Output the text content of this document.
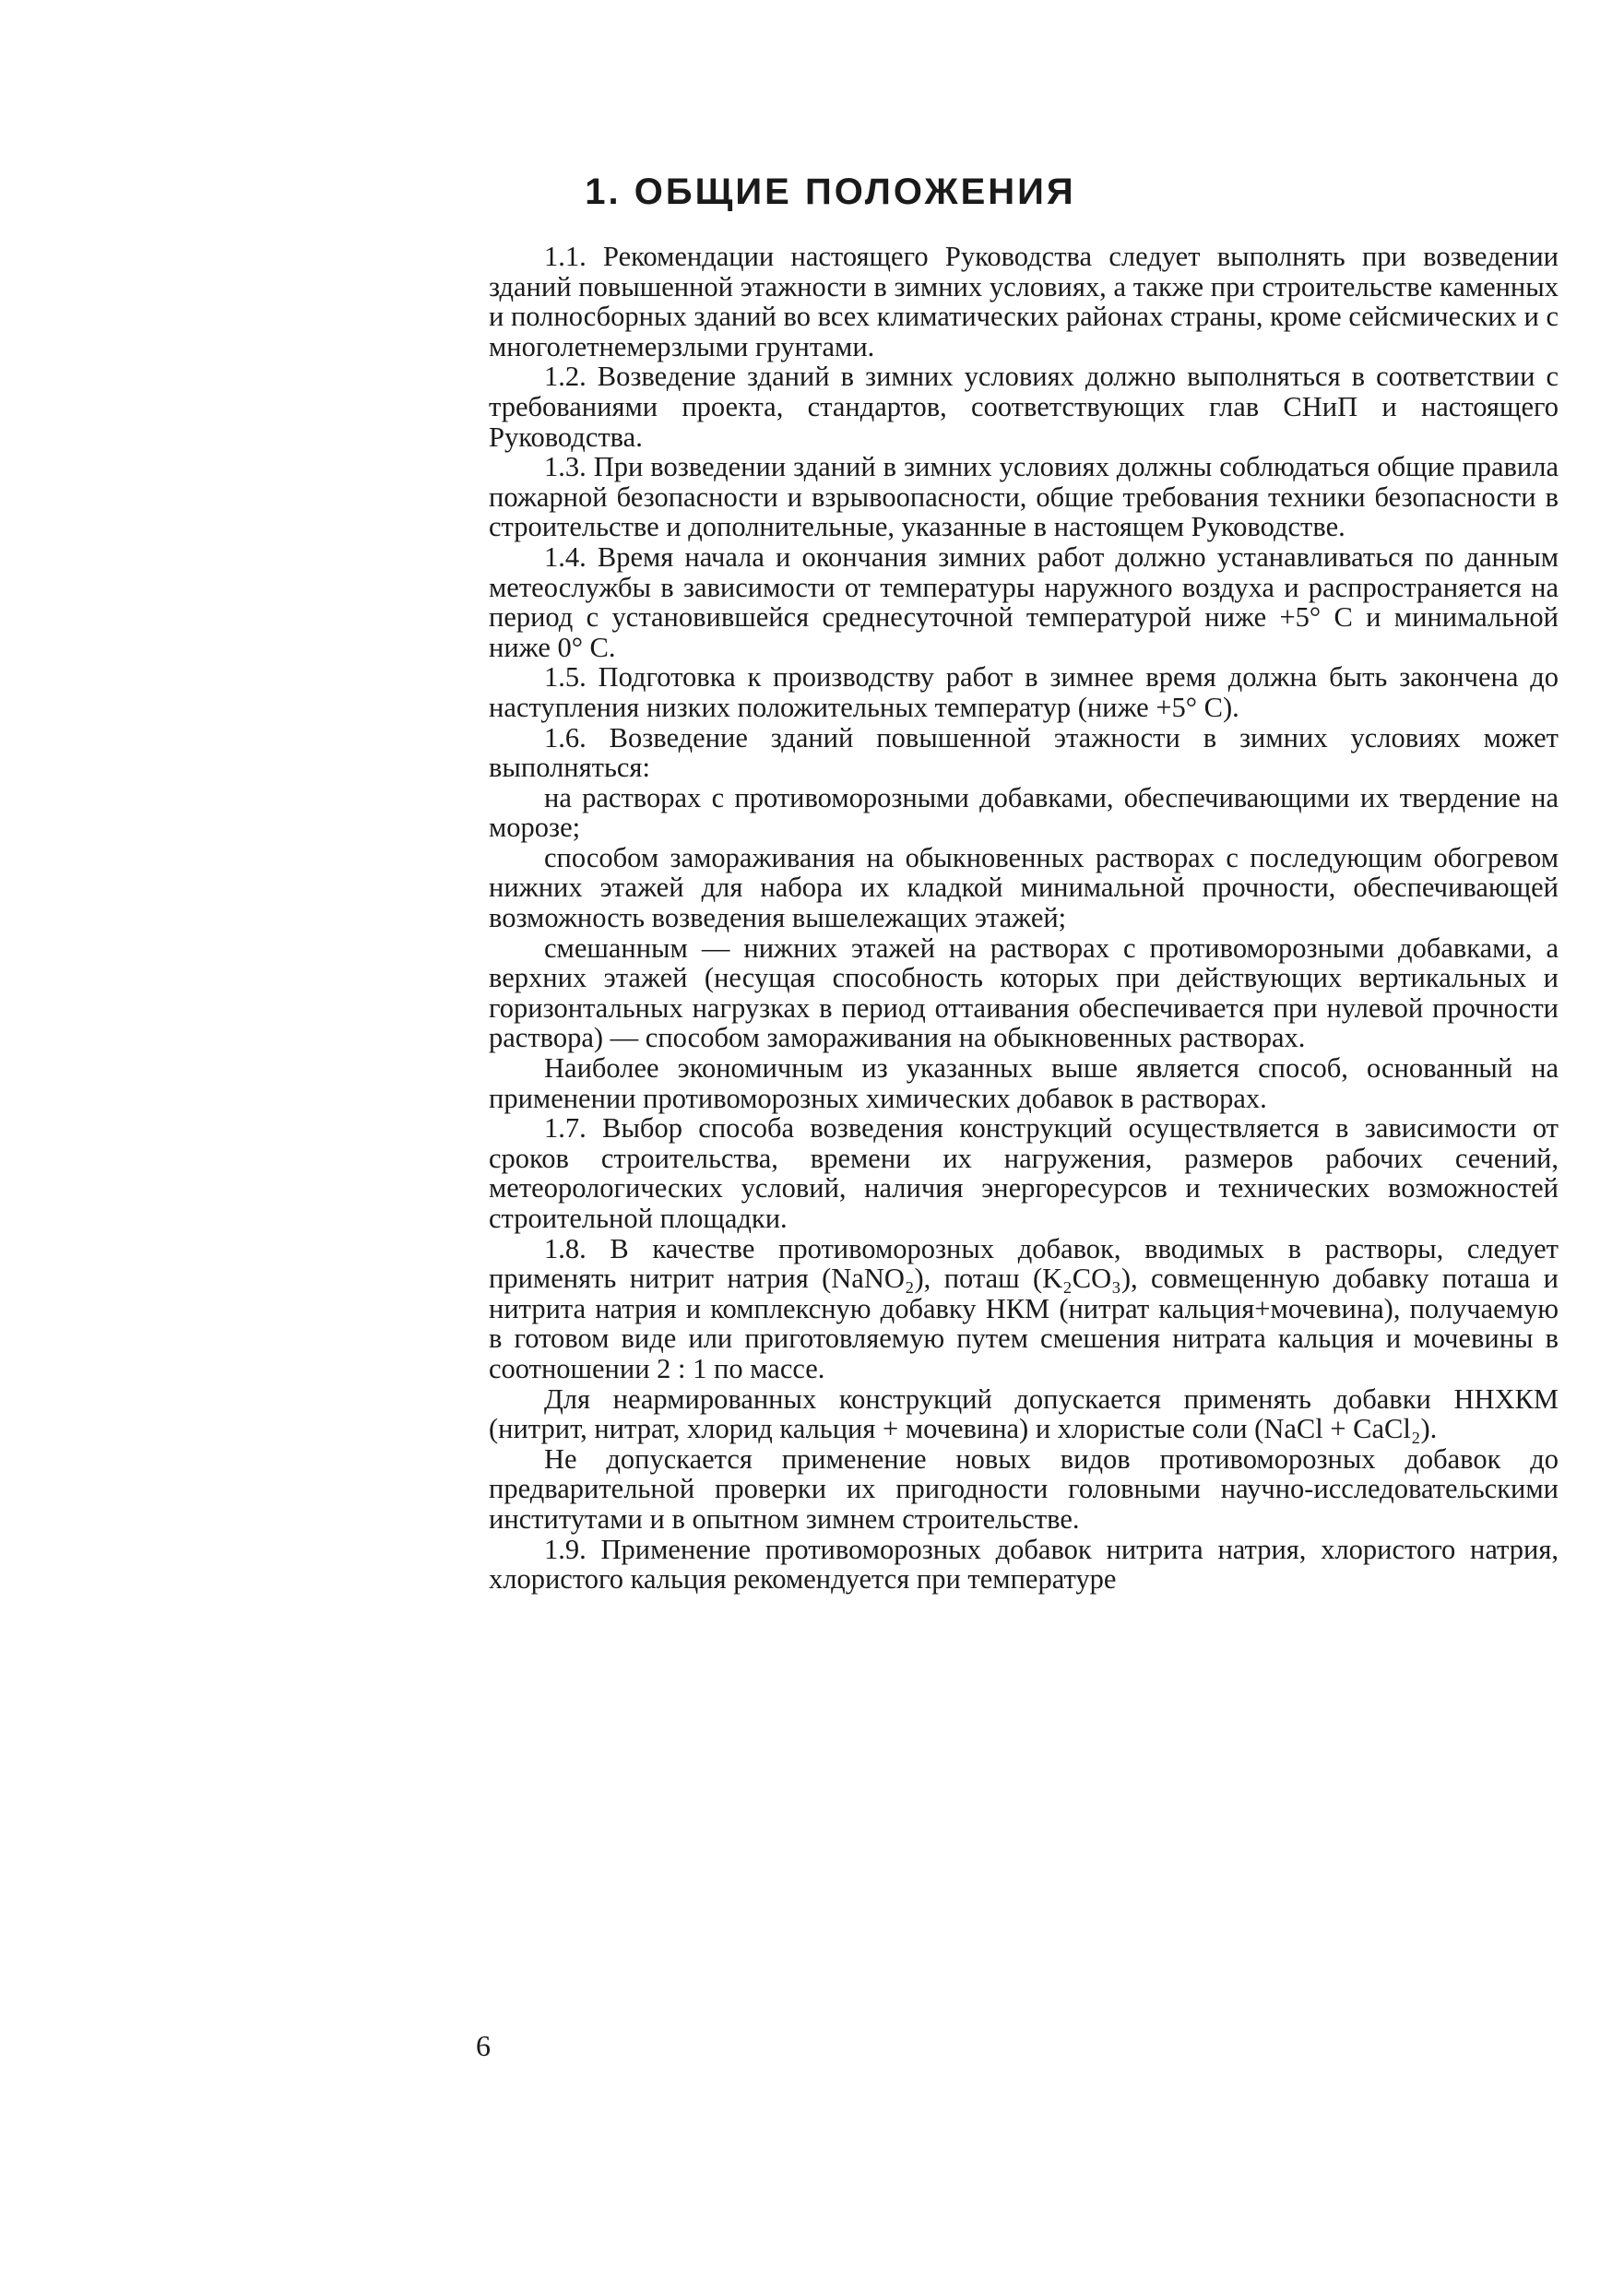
1. ОБЩИЕ ПОЛОЖЕНИЯ

1.1. Рекомендации настоящего Руководства следует выполнять при возведении зданий повышенной этажности в зимних условиях, а также при строительстве каменных и полносборных зданий во всех климатических районах страны, кроме сейсмических и с многолетнемерзлыми грунтами.

1.2. Возведение зданий в зимних условиях должно выполняться в соответствии с требованиями проекта, стандартов, соответствующих глав СНиП и настоящего Руководства.

1.3. При возведении зданий в зимних условиях должны соблюдаться общие правила пожарной безопасности и взрывоопасности, общие требования техники безопасности в строительстве и дополнительные, указанные в настоящем Руководстве.

1.4. Время начала и окончания зимних работ должно устанавливаться по данным метеослужбы в зависимости от температуры наружного воздуха и распространяется на период с установившейся среднесуточной температурой ниже +5° С и минимальной ниже 0° С.

1.5. Подготовка к производству работ в зимнее время должна быть закончена до наступления низких положительных температур (ниже +5° С).

1.6. Возведение зданий повышенной этажности в зимних условиях может выполняться:

на растворах с противоморозными добавками, обеспечивающими их твердение на морозе;

способом замораживания на обыкновенных растворах с последующим обогревом нижних этажей для набора их кладкой минимальной прочности, обеспечивающей возможность возведения вышележащих этажей;

смешанным — нижних этажей на растворах с противоморозными добавками, а верхних этажей (несущая способность которых при действующих вертикальных и горизонтальных нагрузках в период оттаивания обеспечивается при нулевой прочности раствора) — способом замораживания на обыкновенных растворах.

Наиболее экономичным из указанных выше является способ, основанный на применении противоморозных химических добавок в растворах.

1.7. Выбор способа возведения конструкций осуществляется в зависимости от сроков строительства, времени их нагружения, размеров рабочих сечений, метеорологических условий, наличия энергоресурсов и технических возможностей строительной площадки.

1.8. В качестве противоморозных добавок, вводимых в растворы, следует применять нитрит натрия (NaNO₂), поташ (K₂CO₃), совмещенную добавку поташа и нитрита натрия и комплексную добавку НКМ (нитрат кальция+мочевина), получаемую в готовом виде или приготовляемую путем смешения нитрата кальция и мочевины в соотношении 2 : 1 по массе.

Для неармированных конструкций допускается применять добавки ННХКМ (нитрит, нитрат, хлорид кальция + мочевина) и хлористые соли (NaCl + CaCl₂).

Не допускается применение новых видов противоморозных добавок до предварительной проверки их пригодности головными научно-исследовательскими институтами и в опытном зимнем строительстве.

1.9. Применение противоморозных добавок нитрита натрия, хлористого натрия, хлористого кальция рекомендуется при температуре

6
